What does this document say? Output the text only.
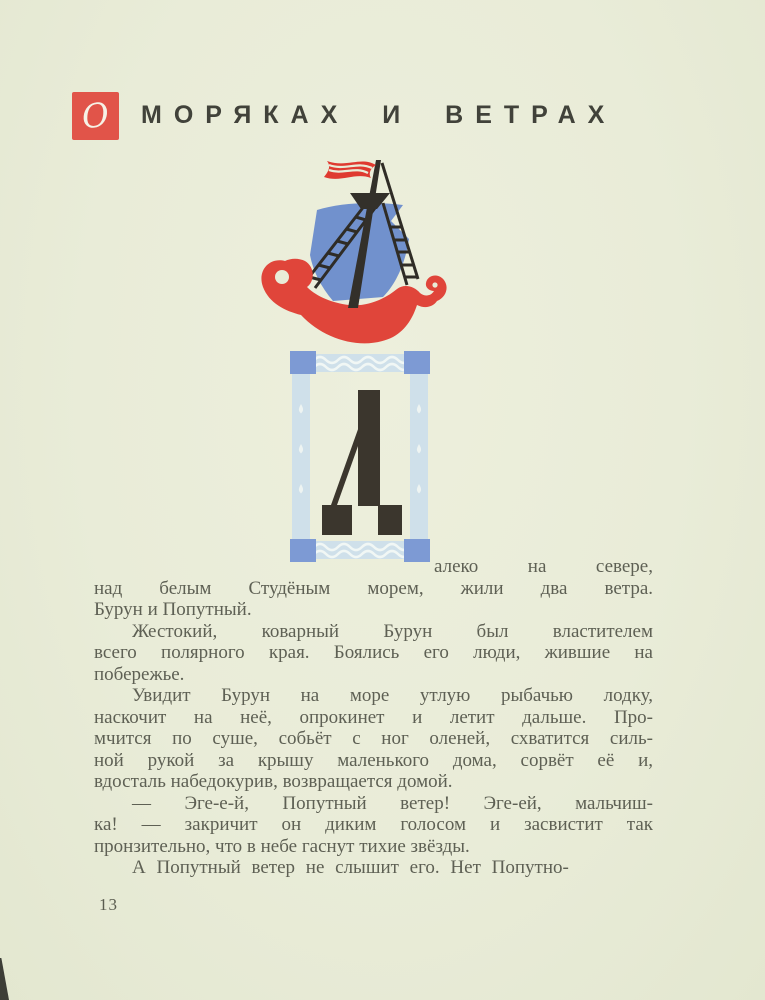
О МОРЯКАХ И ВЕТРАХ
алеко на севере,
над белым Студёным морем, жили два ветра.
Бурун и Попутный.
Жестокий, коварный Бурун был властителем
всего полярного края. Боялись его люди, жившие на
побережье.
Увидит Бурун на море утлую рыбачью лодку,
наскочит на неё, опрокинет и летит дальше. Про-
мчится по суше, собьёт с ног оленей, схватится силь-
ной рукой за крышу маленького дома, сорвёт её и,
вдосталь набедокурив, возвращается домой.
— Эге-е-й, Попутный ветер! Эге-ей, мальчиш-
ка! — закричит он диким голосом и засвистит так
пронзительно, что в небе гаснут тихие звёзды.
А Попутный ветер не слышит его. Нет Попутно-
13
